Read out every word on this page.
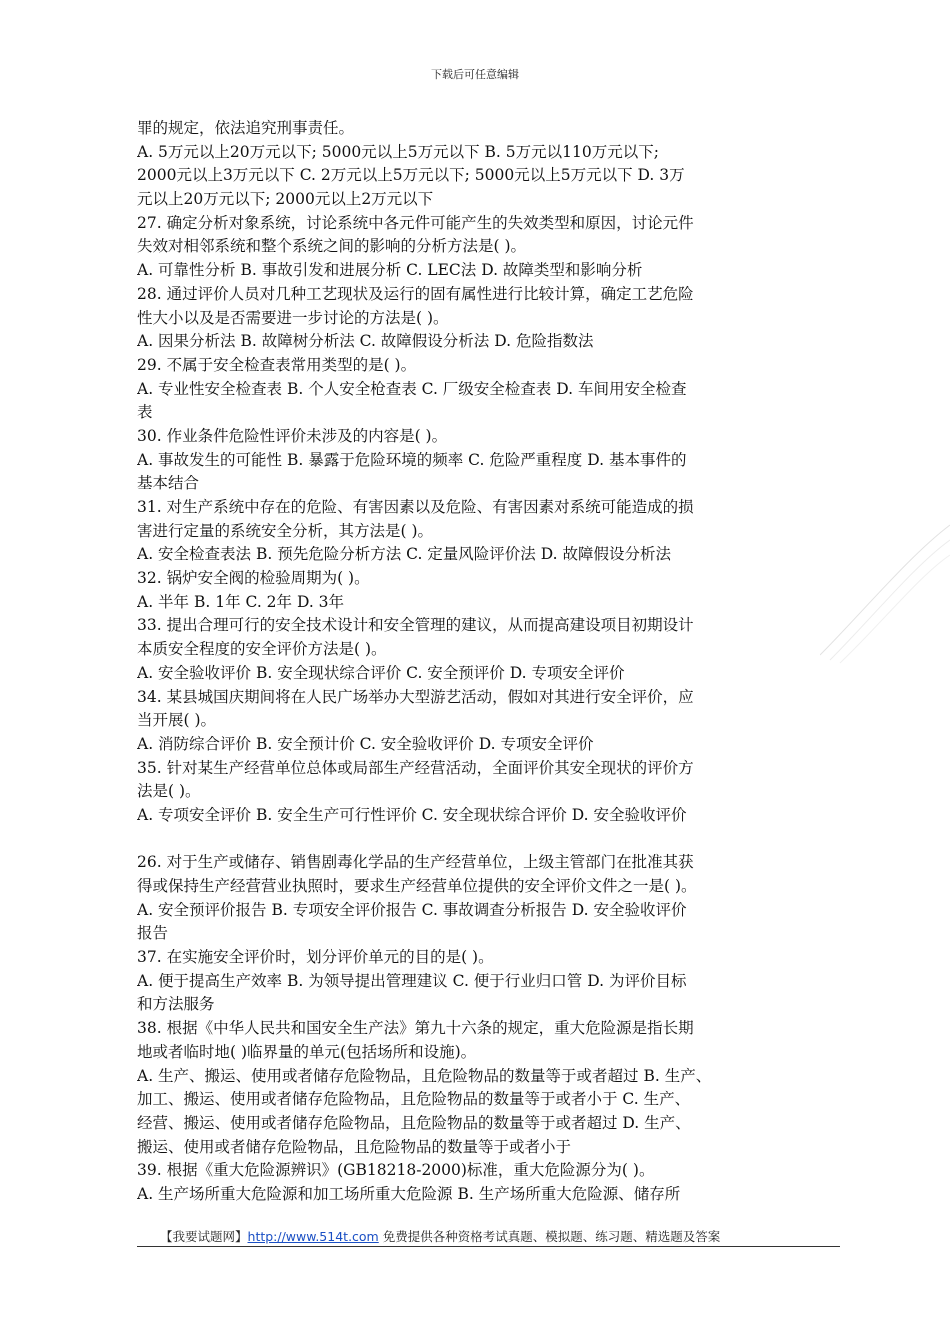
下载后可任意编辑
罪的规定，依法追究刑事责任。
A. 5万元以上20万元以下; 5000元以上5万元以下 B. 5万元以110万元以下;
2000元以上3万元以下 C. 2万元以上5万元以下; 5000元以上5万元以下 D. 3万
元以上20万元以下; 2000元以上2万元以下
27. 确定分析对象系统，讨论系统中各元件可能产生的失效类型和原因，讨论元件
失效对相邻系统和整个系统之间的影响的分析方法是( )。
A. 可靠性分析 B. 事故引发和进展分析 C. LEC法 D. 故障类型和影响分析
28. 通过评价人员对几种工艺现状及运行的固有属性进行比较计算，确定工艺危险
性大小以及是否需要进一步讨论的方法是( )。
A. 因果分析法 B. 故障树分析法 C. 故障假设分析法 D. 危险指数法
29. 不属于安全检查表常用类型的是( )。
A. 专业性安全检查表 B. 个人安全枪查表 C. 厂级安全检查表 D. 车间用安全检查
表
30. 作业条件危险性评价未涉及的内容是( )。
A. 事故发生的可能性 B. 暴露于危险环境的频率 C. 危险严重程度 D. 基本事件的
基本结合
31. 对生产系统中存在的危险、有害因素以及危险、有害因素对系统可能造成的损
害进行定量的系统安全分析，其方法是( )。
A. 安全检查表法 B. 预先危险分析方法 C. 定量风险评价法 D. 故障假设分析法
32. 锅炉安全阀的检验周期为( )。
A. 半年 B. 1年 C. 2年 D. 3年
33. 提出合理可行的安全技术设计和安全管理的建议，从而提高建设项目初期设计
本质安全程度的安全评价方法是( )。
A. 安全验收评价 B. 安全现状综合评价 C. 安全预评价 D. 专项安全评价
34. 某县城国庆期间将在人民广场举办大型游艺活动，假如对其进行安全评价，应
当开展( )。
A. 消防综合评价 B. 安全预计价 C. 安全验收评价 D. 专项安全评价
35. 针对某生产经营单位总体或局部生产经营活动，全面评价其安全现状的评价方
法是( )。
A. 专项安全评价 B. 安全生产可行性评价 C. 安全现状综合评价 D. 安全验收评价
26. 对于生产或储存、销售剧毒化学品的生产经营单位，上级主管部门在批准其获
得或保持生产经营营业执照时，要求生产经营单位提供的安全评价文件之一是( )。
A. 安全预评价报告 B. 专项安全评价报告 C. 事故调查分析报告 D. 安全验收评价
报告
37. 在实施安全评价时，划分评价单元的目的是( )。
A. 便于提高生产效率 B. 为领导提出管理建议 C. 便于行业归口管 D. 为评价目标
和方法服务
38. 根据《中华人民共和国安全生产法》第九十六条的规定，重大危险源是指长期
地或者临时地( )临界量的单元(包括场所和设施)。
A. 生产、搬运、使用或者储存危险物品，且危险物品的数量等于或者超过 B. 生产、
加工、搬运、使用或者储存危险物品，且危险物品的数量等于或者小于 C. 生产、
经营、搬运、使用或者储存危险物品，且危险物品的数量等于或者超过 D. 生产、
搬运、使用或者储存危险物品，且危险物品的数量等于或者小于
39. 根据《重大危险源辨识》(GB18218-2000)标准，重大危险源分为( )。
A. 生产场所重大危险源和加工场所重大危险源 B. 生产场所重大危险源、储存所
【我要试题网】http://www.514t.com 免费提供各种资格考试真题、模拟题、练习题、精选题及答案
